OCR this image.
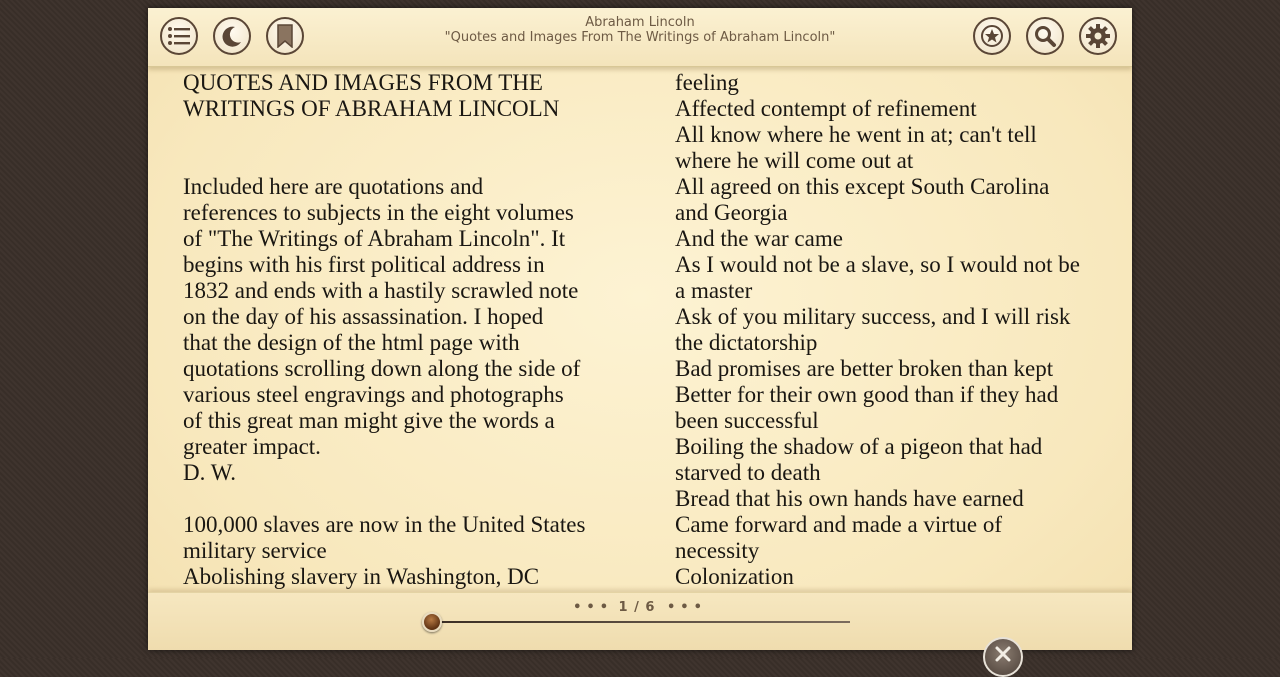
Abraham Lincoln
"Quotes and Images From The Writings of Abraham Lincoln"

QUOTES AND IMAGES FROM THE

WRITINGS OF ABRAHAM LINCOLN

Included here are quotations and

references to subjects in the eight volumes

of "The Writings of Abraham Lincoln". It

begins with his first political address in

1832 and ends with a hastily scrawled note

on the day of his assassination. I hoped

that the design of the html page with

quotations scrolling down along the side of

various steel engravings and photographs

of this great man might give the words a

greater impact.

D. W.

100,000 slaves are now in the United States

military service

Abolishing slavery in Washington, DC

feeling

Affected contempt of refinement

All know where he went in at; can't tell

where he will come out at

All agreed on this except South Carolina

and Georgia

And the war came

As I would not be a slave, so I would not be

a master

Ask of you military success, and I will risk

the dictatorship

Bad promises are better broken than kept

Better for their own good than if they had

been successful

Boiling the shadow of a pigeon that had

starved to death

Bread that his own hands have earned

Came forward and made a virtue of

necessity

Colonization

••• 1 / 6 •••
